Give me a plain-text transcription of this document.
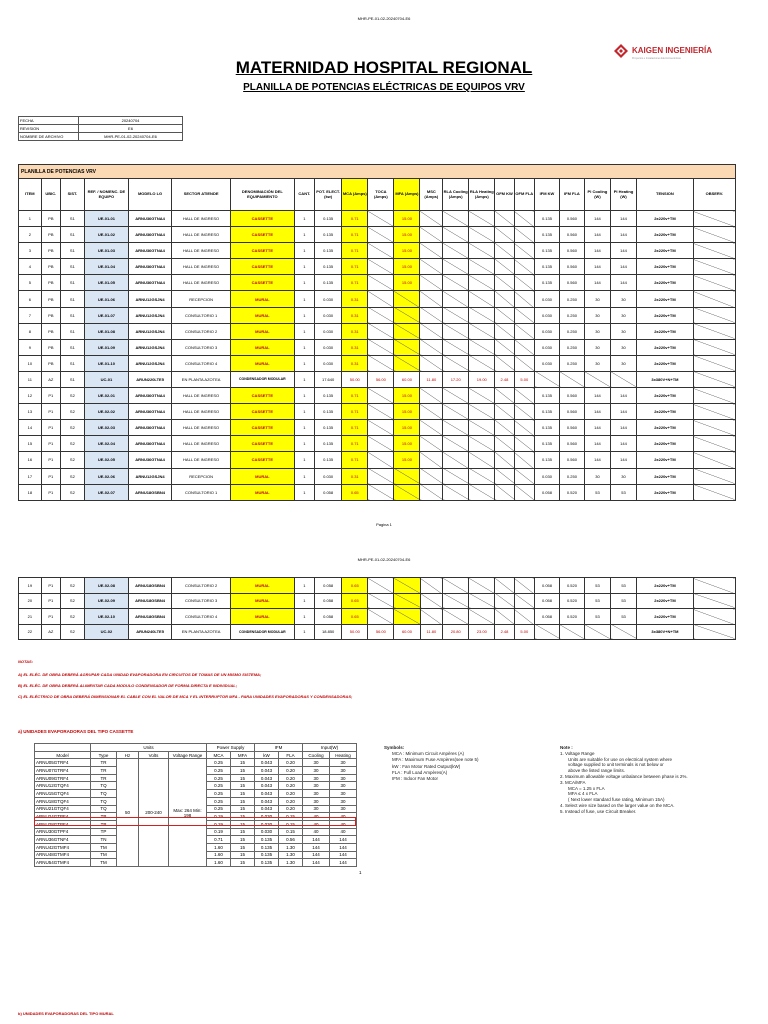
MHR-PE-01-02-20240704-E6
KAIGEN INGENIERÍA
Proyectos e Instalaciones Electromecánicas
MATERNIDAD HOSPITAL REGIONAL
PLANILLA DE POTENCIAS ELÉCTRICAS DE EQUIPOS VRV
FECHA	20240704
REVISION	E6
NOMBRE DE ARCHIVO	MHR-PE-01-02-20240704-E6
PLANILLA DE POTENCIAS VRV																						
ITEM	UBIC.	SIST.	REF. / NOMENC. DE EQUIPO	MODELO LG	SECTOR ATIENDE	DENOMINACIÓN DEL EQUIPAMIENTO	CANT.	POT. ELECT. (kw)	MCA (Amps)	TOCA (Amps)	MFA (Amps)	MSC (Amps)	RLA Cooling (Amps)	RLA Heating (Amps)	OFM KW	OFM FLA	IFM KW	IFM FLA	PI Cooling (W)	PI Heating (W)	TENSION	OBSERV.
1	PB	S1	UE-01-01	ARNU36GTNA4	HALL DE INGRESO	CASSETTE	1	0.135	0.71		15.00						0.135	0.560	144	144	2x220v+TM	
2	PB	S1	UE-01-02	ARNU36GTNA4	HALL DE INGRESO	CASSETTE	1	0.135	0.71		15.00						0.135	0.560	144	144	2x220v+TM	
3	PB	S1	UE-01-03	ARNU36GTNA4	HALL DE INGRESO	CASSETTE	1	0.135	0.71		15.00						0.135	0.560	144	144	2x220v+TM	
4	PB	S1	UE-01-04	ARNU36GTNA4	HALL DE INGRESO	CASSETTE	1	0.135	0.71		15.00						0.135	0.560	144	144	2x220v+TM	
5	PB	S1	UE-01-05	ARNU36GTNA4	HALL DE INGRESO	CASSETTE	1	0.135	0.71		15.00						0.135	0.560	144	144	2x220v+TM	
6	PB	S1	UE-01-06	ARNU12GSJN4	RECEPCION	MURAL	1	0.030	0.31								0.030	0.250	30	30	2x220v+TM	
7	PB	S1	UE-01-07	ARNU12GSJN4	CONSULTORIO 1	MURAL	1	0.030	0.31								0.030	0.250	30	30	2x220v+TM	
8	PB	S1	UE-01-08	ARNU12GSJN4	CONSULTORIO 2	MURAL	1	0.030	0.31								0.030	0.250	30	30	2x220v+TM	
9	PB	S1	UE-01-09	ARNU12GSJN4	CONSULTORIO 3	MURAL	1	0.030	0.31								0.030	0.250	30	30	2x220v+TM	
10	PB	S1	UE-01-10	ARNU12GSJN4	CONSULTORIO 4	MURAL	1	0.030	0.31								0.030	0.250	30	30	2x220v+TM	
11	AZ	S1	UC-01	ARUN220LTE5	EN PLANTA AZOTEA	CONDENSADOR MODULAR	1	17.640	50.00	56.00	60.00	11.80	17.20	19.00	2.48	5.00					3x380V+N+TM	
12	P1	S2	UE-02-01	ARNU36GTNA4	HALL DE INGRESO	CASSETTE	1	0.135	0.71		15.00						0.135	0.560	144	144	2x220v+TM	
13	P1	S2	UE-02-02	ARNU36GTNA4	HALL DE INGRESO	CASSETTE	1	0.135	0.71		15.00						0.135	0.560	144	144	2x220v+TM	
14	P1	S2	UE-02-03	ARNU36GTNA4	HALL DE INGRESO	CASSETTE	1	0.135	0.71		15.00						0.135	0.560	144	144	2x220v+TM	
15	P1	S2	UE-02-04	ARNU36GTNA4	HALL DE INGRESO	CASSETTE	1	0.135	0.71		15.00						0.135	0.560	144	144	2x220v+TM	
16	P1	S2	UE-02-05	ARNU36GTNA4	HALL DE INGRESO	CASSETTE	1	0.135	0.71		15.00						0.135	0.560	144	144	2x220v+TM	
17	P1	S2	UE-02-06	ARNU12GSJN4	RECEPCION	MURAL	1	0.030	0.31								0.030	0.250	30	30	2x220v+TM	
18	P1	S2	UE-02-07	ARNU18GSBN4	CONSULTORIO 1	MURAL	1	0.058	0.65								0.058	0.520	53	53	2x220v+TM	
Pagina 1
MHR-PE-01-02-20240704-E6
19	P1	S2	UE-02-08	ARNU18GSBN4	CONSULTORIO 2	MURAL	1	0.058	0.65								0.058	0.520	53	53	2x220v+TM	
20	P1	S2	UE-02-09	ARNU18GSBN4	CONSULTORIO 3	MURAL	1	0.058	0.65								0.058	0.520	53	53	2x220v+TM	
21	P1	S2	UE-02-10	ARNU18GSBN4	CONSULTORIO 4	MURAL	1	0.058	0.65								0.058	0.520	53	53	2x220v+TM	
22	AZ	S2	UC-02	ARUN240LTE5	EN PLANTA AZOTEA	CONDENSADOR MODULAR	1	18.850	50.00	56.00	60.00	11.80	20.80	23.00	2.48	5.00					3x380V+N+TM	
NOTAS:
A) EL ELÉC. DE OBRA DEBERÁ AGRUPAR CADA UNIDAD EVAPORADORA EN CIRCUITOS DE TOMAS DE UN MISMO SISTEMA;
B) EL ELÉC. DE OBRA DEBERÁ ALIMENTAR CADA MODULO CONDENSADOR DE FORMA DIRECTA E INDIVIDUAL;
C) EL ELÉCTRICO DE OBRA DEBERÁ DIMENSIONAR EL CABLE CON EL VALOR DE MCA Y EL INTERRUPTOR MFA - PARA UNIDADES EVAPORADORAS Y CONDENSADORAS;
a) UNIDADES EVAPORADORAS DEL TIPO CASSETTE
	Units				Power Supply		IFM		Input(W)	
Model	Type	Hz	Volts	Voltage Range	MCA	MFA	kW	FLA	Cooling	Heating
ARNU05GTRF4	TR	50	200-240	Max: 264 Min: 198	0.25	15	0.043	0.20	30	30
ARNU07GTRF4	TR				0.25	15	0.043	0.20	30	30
ARNU09GTRF4	TR				0.25	15	0.043	0.20	30	30
ARNU12GTQF4	TQ				0.25	15	0.043	0.20	30	30
ARNU15GTQF4	TQ				0.25	15	0.043	0.20	30	30
ARNU18GTQF4	TQ				0.25	15	0.043	0.20	30	30
ARNU21GTQF4	TQ				0.25	15	0.043	0.20	30	30
ARNU24GTPF4	TP				0.19	15	0.030	0.15	40	40
ARNU28GTPF4	TP				0.19	15	0.030	0.15	40	40
ARNU30GTPF4	TP				0.19	15	0.030	0.15	40	40
ARNU36GTNF4	TN				0.71	15	0.135	0.56	144	144
ARNU42GTMF4	TM				1.60	15	0.135	1.30	144	144
ARNU48GTMF4	TM				1.60	15	0.135	1.30	144	144
ARNU54GTMF4	TM				1.60	15	0.135	1.30	144	144
1
Symbols:
MCA : Minimum Circuit Ampères (A)
MFA : Maximum Fuse Ampères(see note 5)
kW : Fan Motor Rated Output(kW)
FLA : Full Load Ampères(A)
IFM : Indoor Fan Motor
Note :
1. Voltage Range
Units are suitable for use on electrical system where
voltage supplied to unit terminals is not below or
above the listed range limits.
2. Maximum allowable voltage unbalance between phase is 2%.
3. MCA/MFA
MCA = 1.25 x FLA
MFA ≤ 4 x FLA
( Next lower standard fuse rating, Minimum 15A)
4. Select wire size based on the larger value on the MCA.
5. Instead of fuse, use Circuit Breaker.
b) UNIDADES EVAPORADORAS DEL TIPO MURAL
